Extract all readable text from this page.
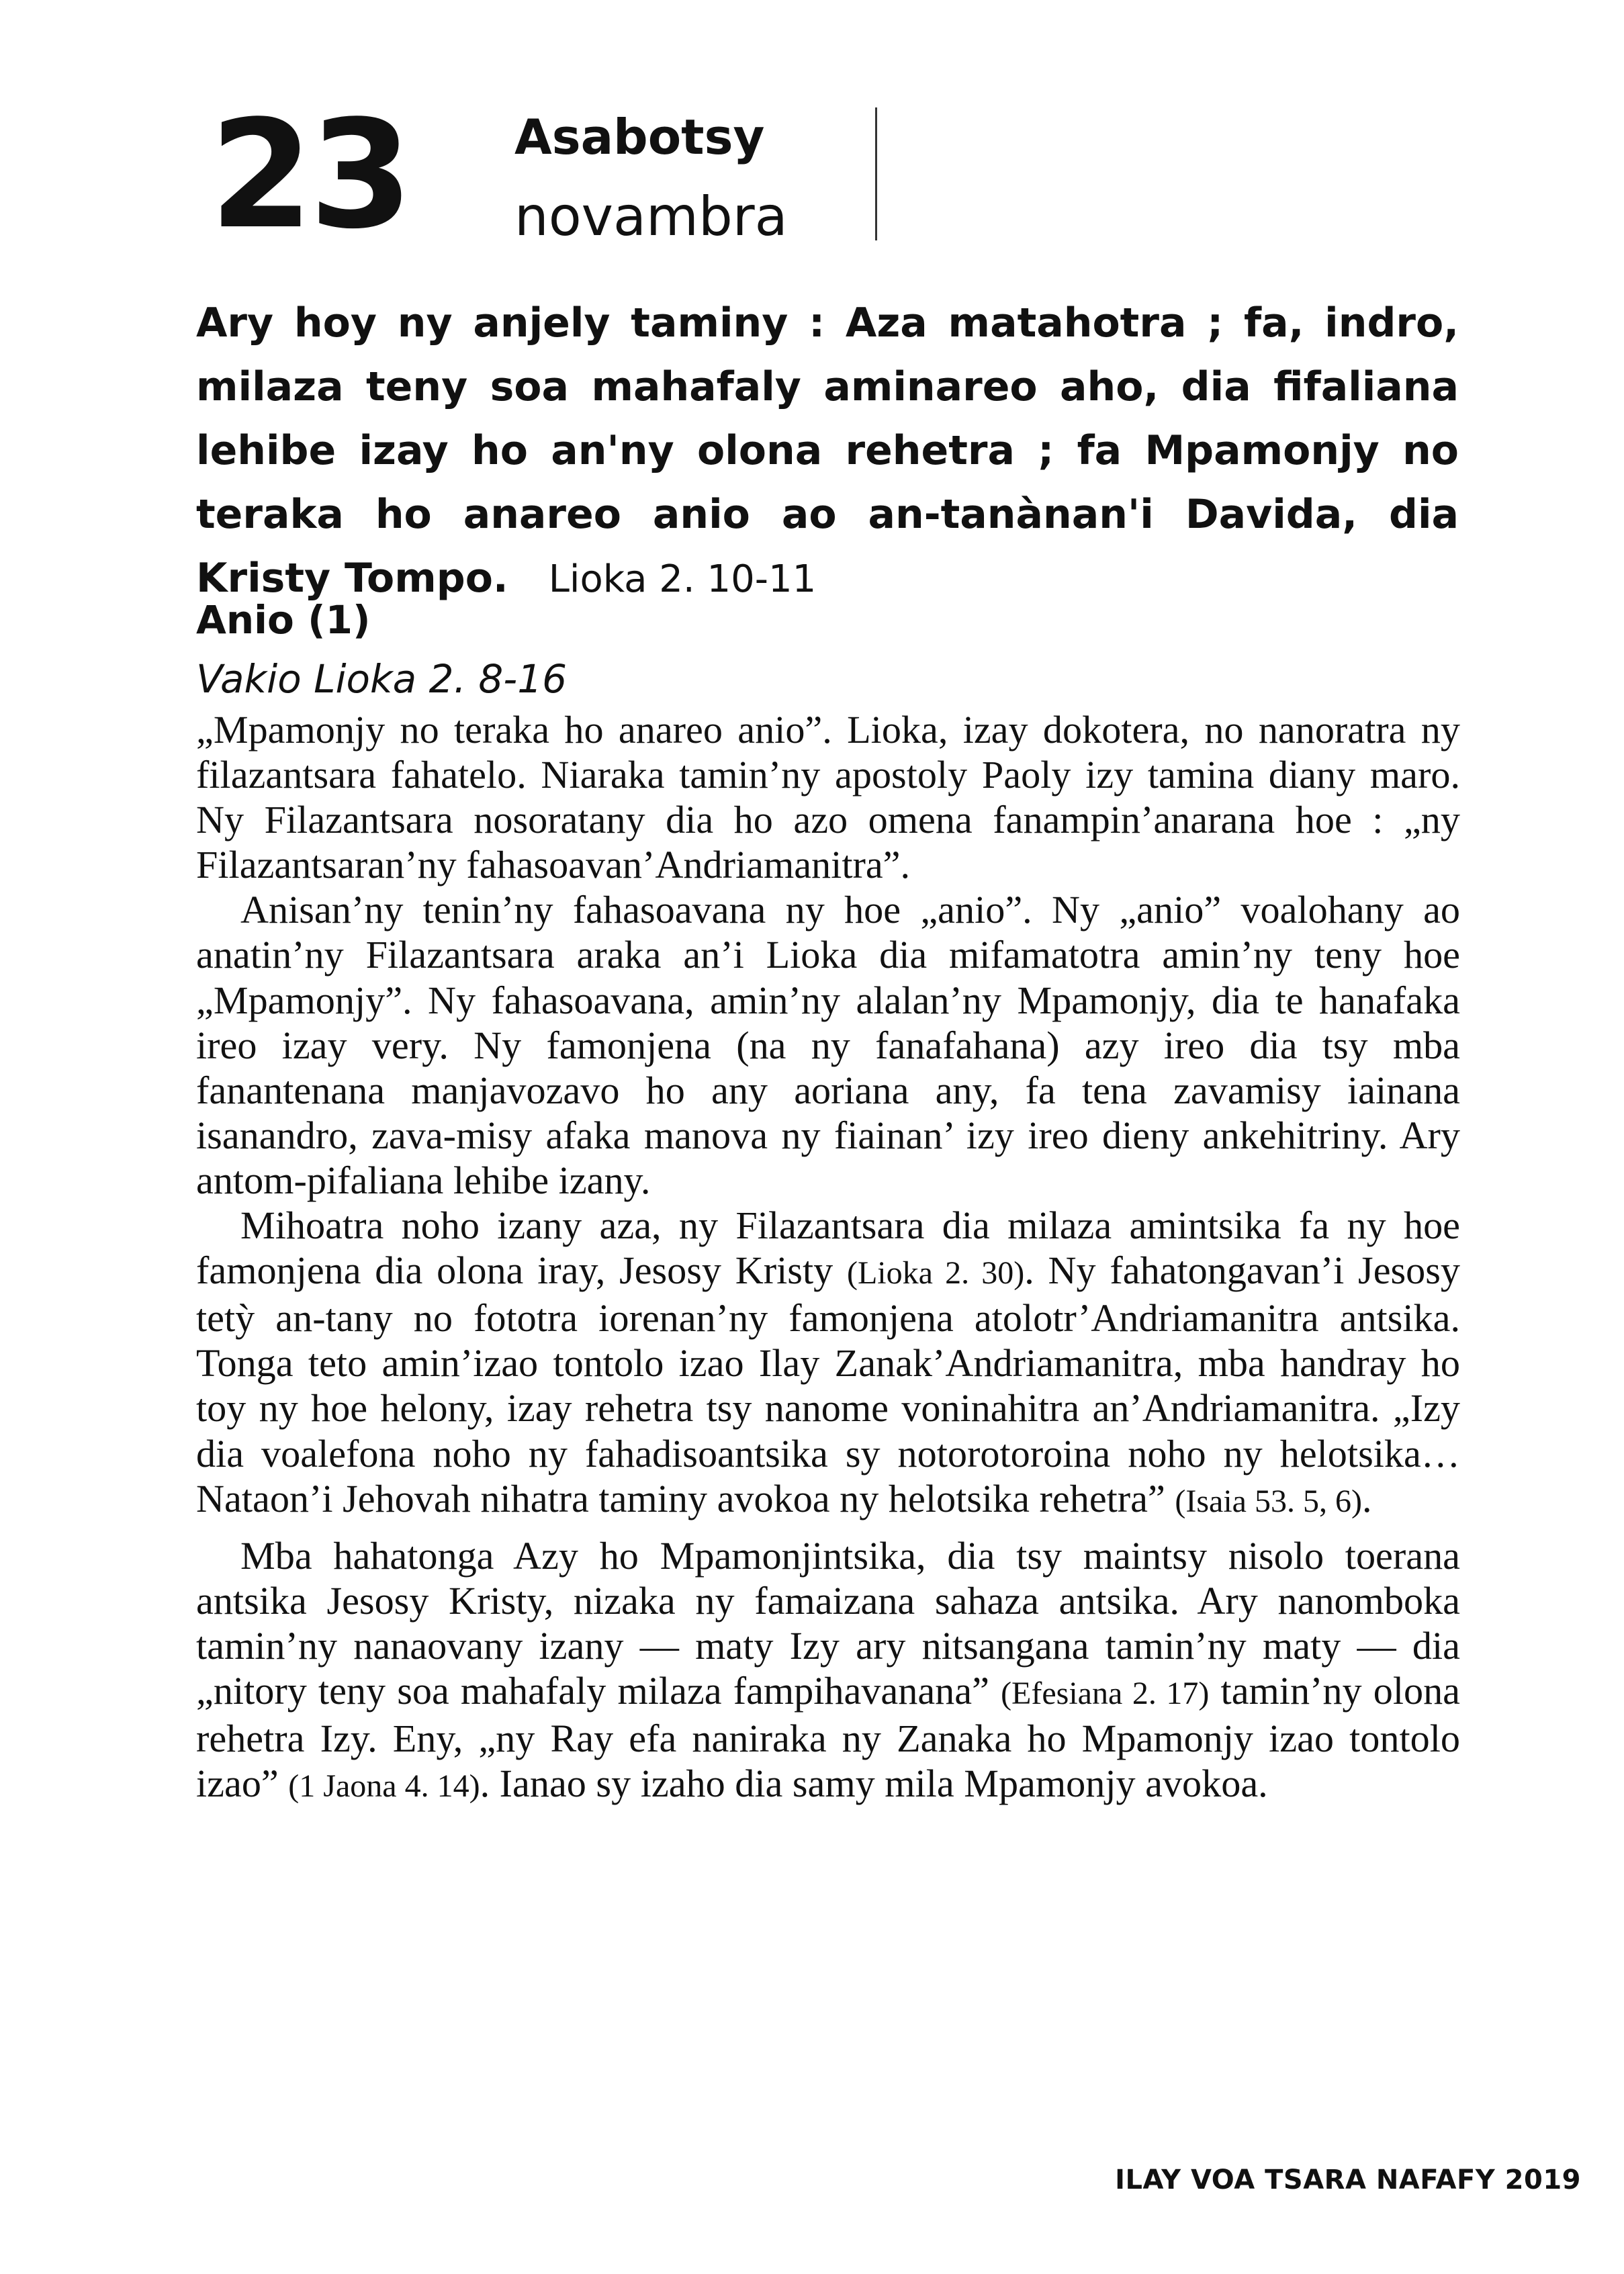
23 Asabotsy
novambra
Ary hoy ny anjely taminy : Aza matahotra ; fa, indro, milaza teny soa mahafaly aminareo aho, dia fifaliana lehibe izay ho an'ny olona rehetra ; fa Mpamonjy no teraka ho anareo anio ao an-tanànan'i Davida, dia Kristy Tompo. Lioka 2. 10-11
Anio (1)
Vakio Lioka 2. 8-16

„Mpamonjy no teraka ho anareo anio”. Lioka, izay dokotera, no nanoratra ny filazantsara fahatelo. Niaraka tamin’ny apostoly Paoly izy tamina diany maro. Ny Filazantsara nosoratany dia ho azo omena fanampin’anarana hoe : „ny Filazantsaran’ny fahasoavan’Andriamanitra”.

Anisan’ny tenin’ny fahasoavana ny hoe „anio”. Ny „anio” voalohany ao anatin’ny Filazantsara araka an’i Lioka dia mifamatotra amin’ny teny hoe „Mpamonjy”. Ny fahasoavana, amin’ny alalan’ny Mpamonjy, dia te hanafaka ireo izay very. Ny famonjena (na ny fanafahana) azy ireo dia tsy mba fanantenana manjavozavo ho any aoriana any, fa tena zavamisy iainana isanandro, zava-misy afaka manova ny fiainan’ izy ireo dieny ankehitriny. Ary antom-pifaliana lehibe izany.

Mihoatra noho izany aza, ny Filazantsara dia milaza amintsika fa ny hoe famonjena dia olona iray, Jesosy Kristy (Lioka 2. 30). Ny fahatongavan’i Jesosy tetỳ an-tany no fototra iorenan’ny famonjena atolotr’Andriamanitra antsika. Tonga teto amin’izao tontolo izao Ilay Zanak’Andriamanitra, mba handray ho toy ny hoe helony, izay rehetra tsy nanome voninahitra an’Andriamanitra. „Izy dia voalefona noho ny fahadisoantsika sy notorotoroina noho ny helotsika… Nataon’i Jehovah nihatra taminy avokoa ny helotsika rehetra” (Isaia 53. 5, 6).

Mba hahatonga Azy ho Mpamonjintsika, dia tsy maintsy nisolo toerana antsika Jesosy Kristy, nizaka ny famaizana sahaza antsika. Ary nanomboka tamin’ny nanaovany izany — maty Izy ary nitsangana tamin’ny maty — dia „nitory teny soa mahafaly milaza fampihavanana” (Efesiana 2. 17) tamin’ny olona rehetra Izy. Eny, „ny Ray efa naniraka ny Zanaka ho Mpamonjy izao tontolo izao” (1 Jaona 4. 14). Ianao sy izaho dia samy mila Mpamonjy avokoa.

ILAY VOA TSARA NAFAFY 2019
